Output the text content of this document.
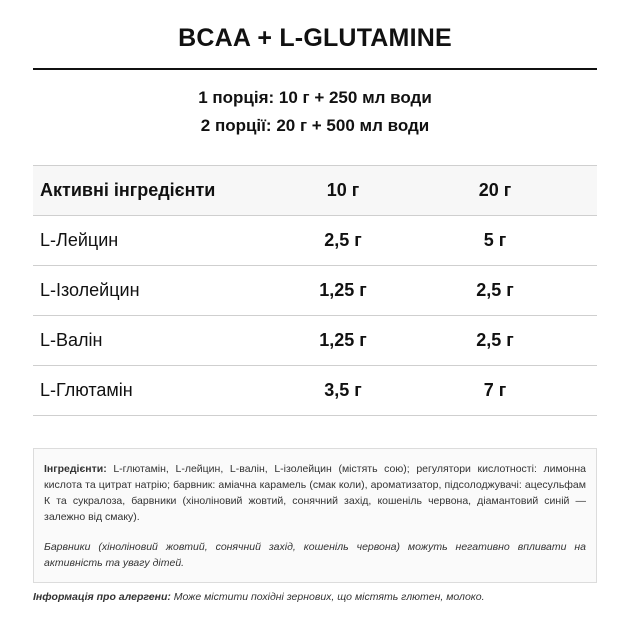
BCAA + L-GLUTAMINE
1 порція: 10 г + 250 мл води
2 порції: 20 г + 500 мл води
Активні інгредієнти	10 г	20 г
L-Лейцин	2,5 г	5 г
L-Ізолейцин	1,25 г	2,5 г
L-Валін	1,25 г	2,5 г
L-Глютамін	3,5 г	7 г

Інгредієнти: L-глютамін, L-лейцин, L-валін, L-ізолейцин (містять сою); регулятори кислотності: лимонна кислота та цитрат натрію; барвник: аміачна карамель (смак коли), ароматизатор, підсолоджувачі: ацесульфам К та сукралоза, барвники (хіноліновий жовтий, сонячний захід, кошеніль червона, діамантовий синій — залежно від смаку).

Барвники (хіноліновий жовтий, сонячний захід, кошеніль червона) можуть негативно впливати на активність та увагу дітей.

Інформація про алергени: Може містити похідні зернових, що містять глютен, молоко.
